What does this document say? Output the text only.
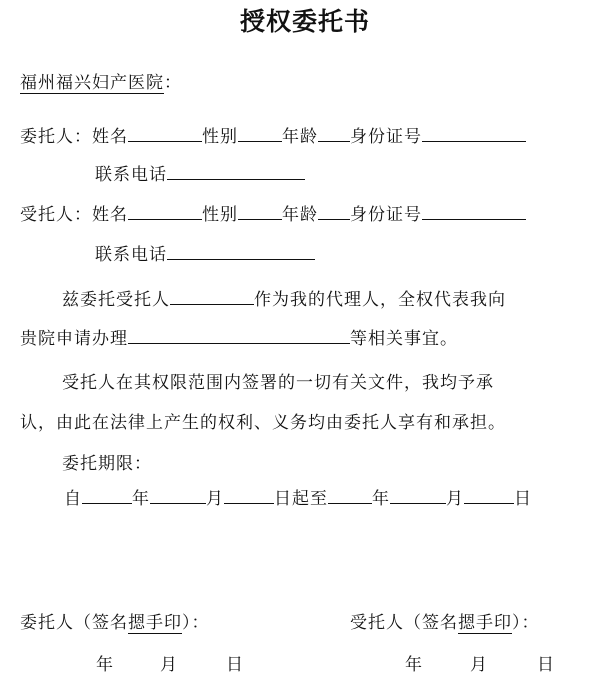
授权委托书
福州福兴妇产医院：
委托人：姓名	性别	年龄 身份证号
联系电话
受托人：姓名	性别	年龄 身份证号
联系电话
兹委托受托人	作为我的代理人，全权代表我向
贵院申请办理	等相关事宜。
受托人在其权限范围内签署的一切有关文件，我均予承
认，由此在法律上产生的权利、义务均由委托人享有和承担。
委托期限：
自	年	月	日起至	年	月	日
委托人（签名摁手印）：	受托人（签名摁手印）：
年	月	日	年	月	日
